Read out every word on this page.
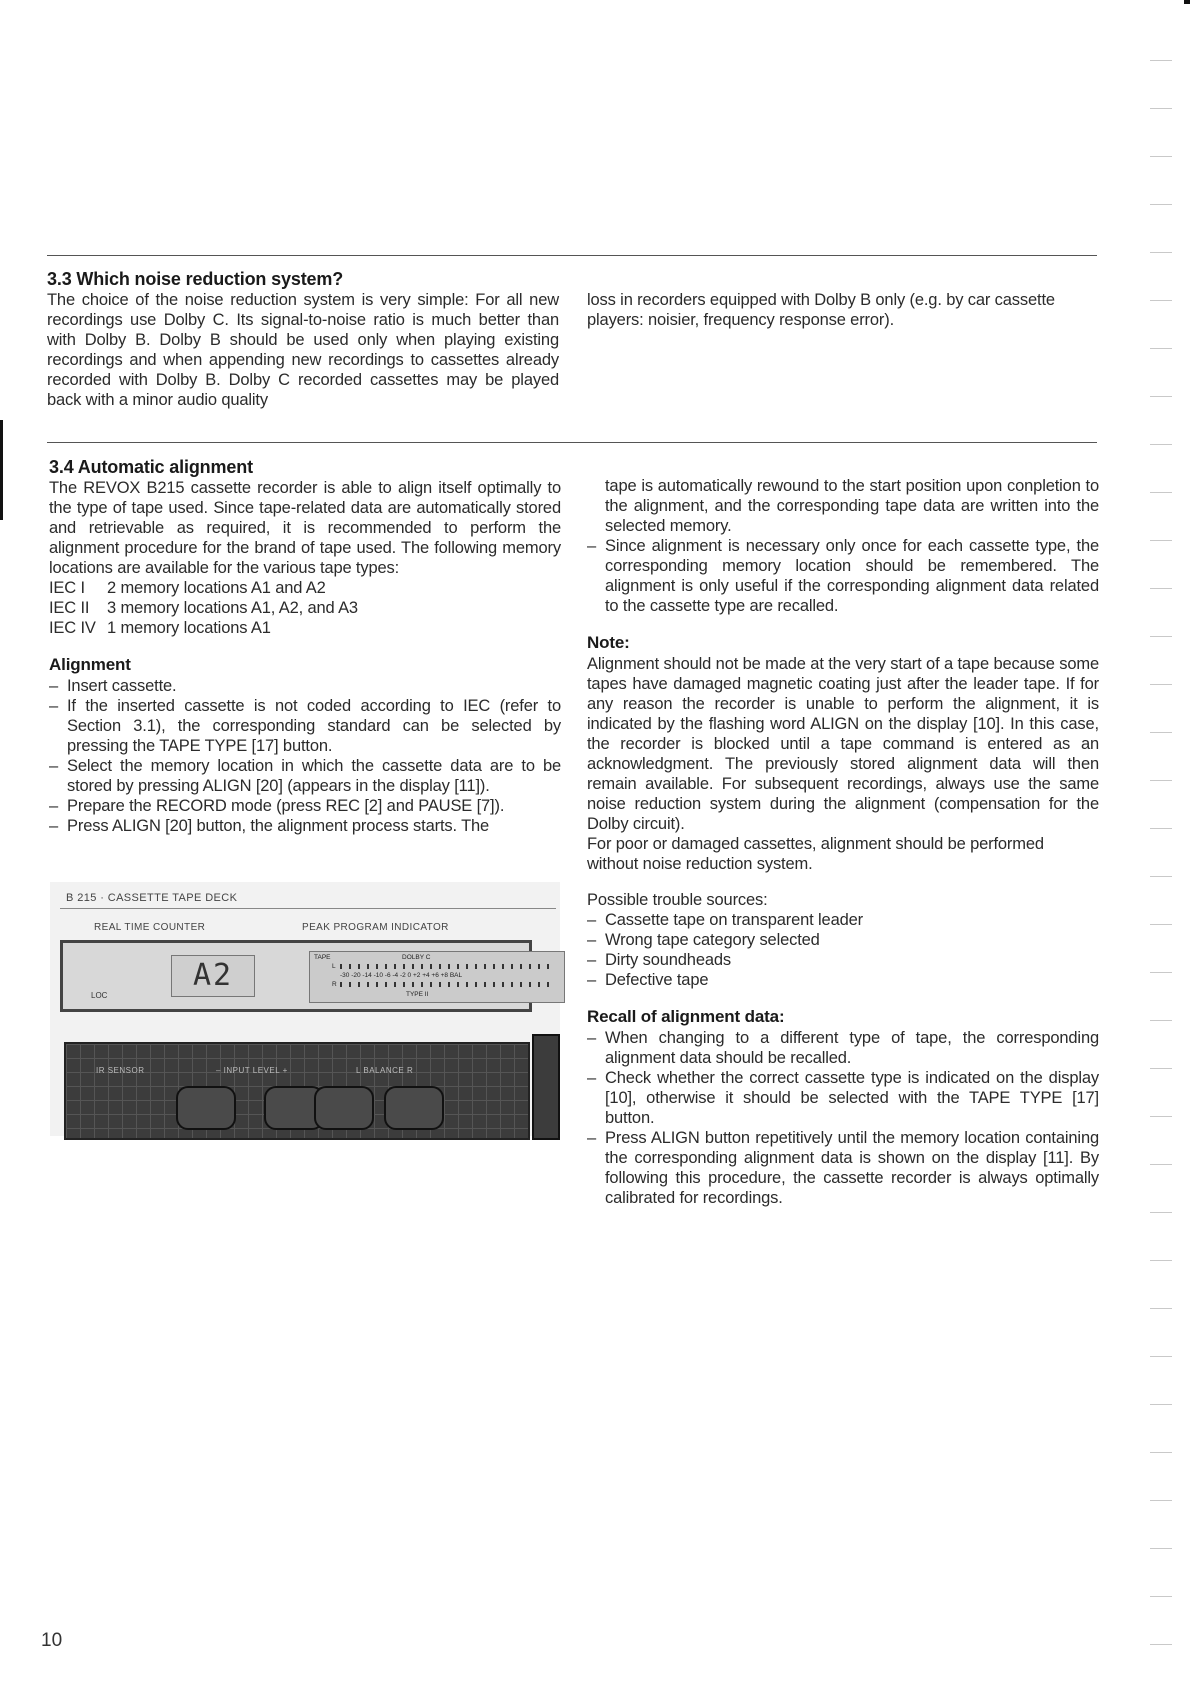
3.3 Which noise reduction system?

The choice of the noise reduction system is very simple: For all new recordings use Dolby C. Its signal-to-noise ratio is much better than with Dolby B. Dolby B should be used only when playing existing recordings and when appending new recordings to cassettes already recorded with Dolby B. Dolby C recorded cassettes may be played back with a minor audio quality

loss in recorders equipped with Dolby B only (e.g. by car cassette players: noisier, frequency response error).

3.4 Automatic alignment

The REVOX B215 cassette recorder is able to align itself optimally to the type of tape used. Since tape-related data are automatically stored and retrievable as required, it is recommended to perform the alignment procedure for the brand of tape used. The following memory locations are available for the various tape types:

IEC I 2 memory locations A1 and A2

IEC II 3 memory locations A1, A2, and A3

IEC IV 1 memory locations A1

Alignment

– Insert cassette.

– If the inserted cassette is not coded according to IEC (refer to Section 3.1), the corresponding standard can be selected by pressing the TAPE TYPE [17] button.

– Select the memory location in which the cassette data are to be stored by pressing ALIGN [20] (appears in the display [11]).

– Prepare the RECORD mode (press REC [2] and PAUSE [7]).

– Press ALIGN [20] button, the alignment process starts. The

tape is automatically rewound to the start position upon conpletion to the alignment, and the corresponding tape data are written into the selected memory.

– Since alignment is necessary only once for each cassette type, the corresponding memory location should be remembered. The alignment is only useful if the corresponding alignment data related to the cassette type are recalled.

Note:

Alignment should not be made at the very start of a tape because some tapes have damaged magnetic coating just after the leader tape. If for any reason the recorder is unable to perform the alignment, it is indicated by the flashing word ALIGN on the display [10]. In this case, the recorder is blocked until a tape command is entered as an acknowledgment. The previously stored alignment data will then remain available. For subsequent recordings, always use the same noise reduction system during the alignment (compensation for the Dolby circuit).

For poor or damaged cassettes, alignment should be performed without noise reduction system.

Possible trouble sources:

– Cassette tape on transparent leader

– Wrong tape category selected

– Dirty soundheads

– Defective tape

Recall of alignment data:

– When changing to a different type of tape, the corresponding alignment data should be recalled.

– Check whether the correct cassette type is indicated on the display [10], otherwise it should be selected with the TAPE TYPE [17] button.

– Press ALIGN button repetitively until the memory location containing the corresponding alignment data is shown on the display [11]. By following this procedure, the cassette recorder is always optimally calibrated for recordings.

B 215 · CASSETTE TAPE DECK
REAL TIME COUNTER	PEAK PROGRAM INDICATOR
A2
LOC
TAPE	DOLBY C
L
-30 -20 -14 -10 -6 -4 -2 0 +2 +4 +6 +8 BAL
R
TYPE II
IR SENSOR	– INPUT LEVEL +	L BALANCE R
10
